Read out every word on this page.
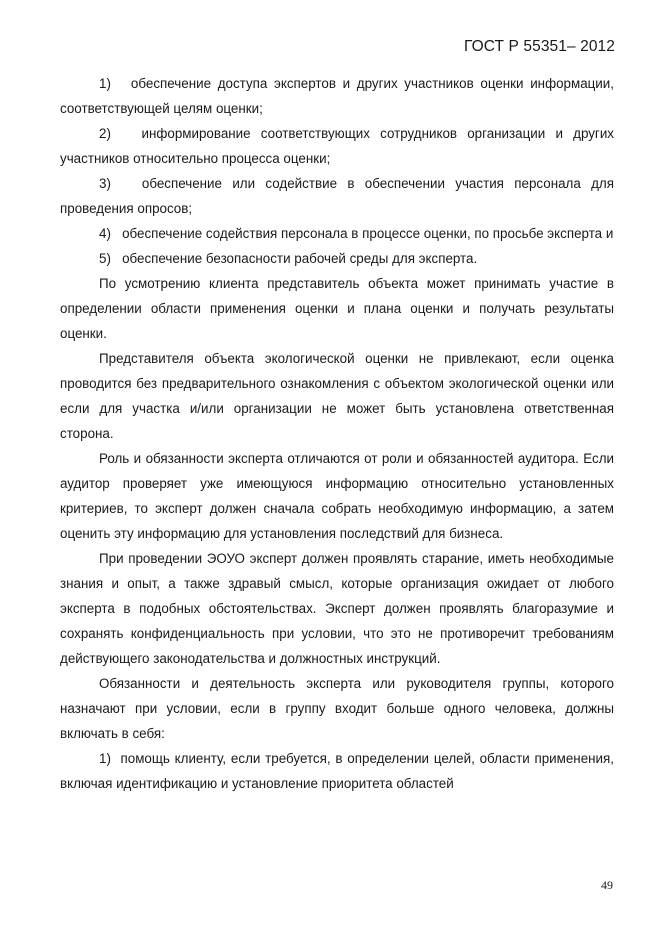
ГОСТ Р 55351– 2012

1)   обеспечение доступа экспертов и других участников оценки информации, соответствующей целям оценки;

2)   информирование соответствующих сотрудников организации и других участников относительно процесса оценки;

3)   обеспечение или содействие в обеспечении участия персонала для проведения опросов;

4)   обеспечение содействия персонала в процессе оценки, по просьбе эксперта и

5)   обеспечение безопасности рабочей среды для эксперта.

По усмотрению клиента представитель объекта может принимать участие в определении области применения оценки и плана оценки и получать результаты оценки.

Представителя объекта экологической оценки не привлекают, если оценка проводится без предварительного ознакомления с объектом экологической оценки или если для участка и/или организации не может быть установлена ответственная сторона.

Роль и обязанности эксперта отличаются от роли и обязанностей аудитора. Если аудитор проверяет уже имеющуюся информацию относительно установленных критериев, то эксперт должен сначала собрать необходимую информацию, а затем оценить эту информацию для установления последствий для бизнеса.

При проведении ЭОУО эксперт должен проявлять старание, иметь необходимые знания и опыт, а также здравый смысл, которые организация ожидает от любого эксперта в подобных обстоятельствах. Эксперт должен проявлять благоразумие и сохранять конфиденциальность при условии, что это не противоречит требованиям действующего законодательства и должностных инструкций.

Обязанности и деятельность эксперта или руководителя группы, которого назначают при условии, если в группу входит больше одного человека, должны включать в себя:

1)  помощь клиенту, если требуется, в определении целей, области применения, включая идентификацию и установление приоритета областей

49
